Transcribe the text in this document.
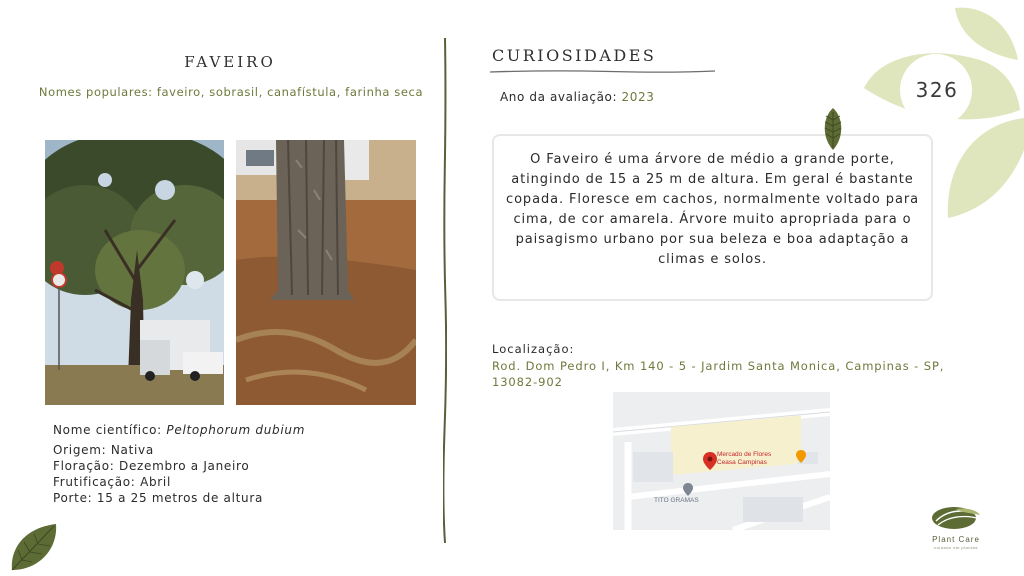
FAVEIRO
Nomes populares: faveiro, sobrasil, canafístula, farinha seca
Nome científico: Peltophorum dubium
Origem: Nativa
Floração: Dezembro a Janeiro
Frutificação: Abril
Porte: 15 a 25 metros de altura
CURIOSIDADES
Ano da avaliação: 2023
O Faveiro é uma árvore de médio a grande porte, atingindo de 15 a 25 m de altura. Em geral é bastante copada. Floresce em cachos, normalmente voltado para cima, de cor amarela. Árvore muito apropriada para o paisagismo urbano por sua beleza e boa adaptação a climas e solos.
Localização:
Rod. Dom Pedro I, Km 140 - 5 - Jardim Santa Monica, Campinas - SP, 13082-902
Mercado de Flores Ceasa Campinas
TITO GRAMAS
326
Plant Care
cuidado em plantas
